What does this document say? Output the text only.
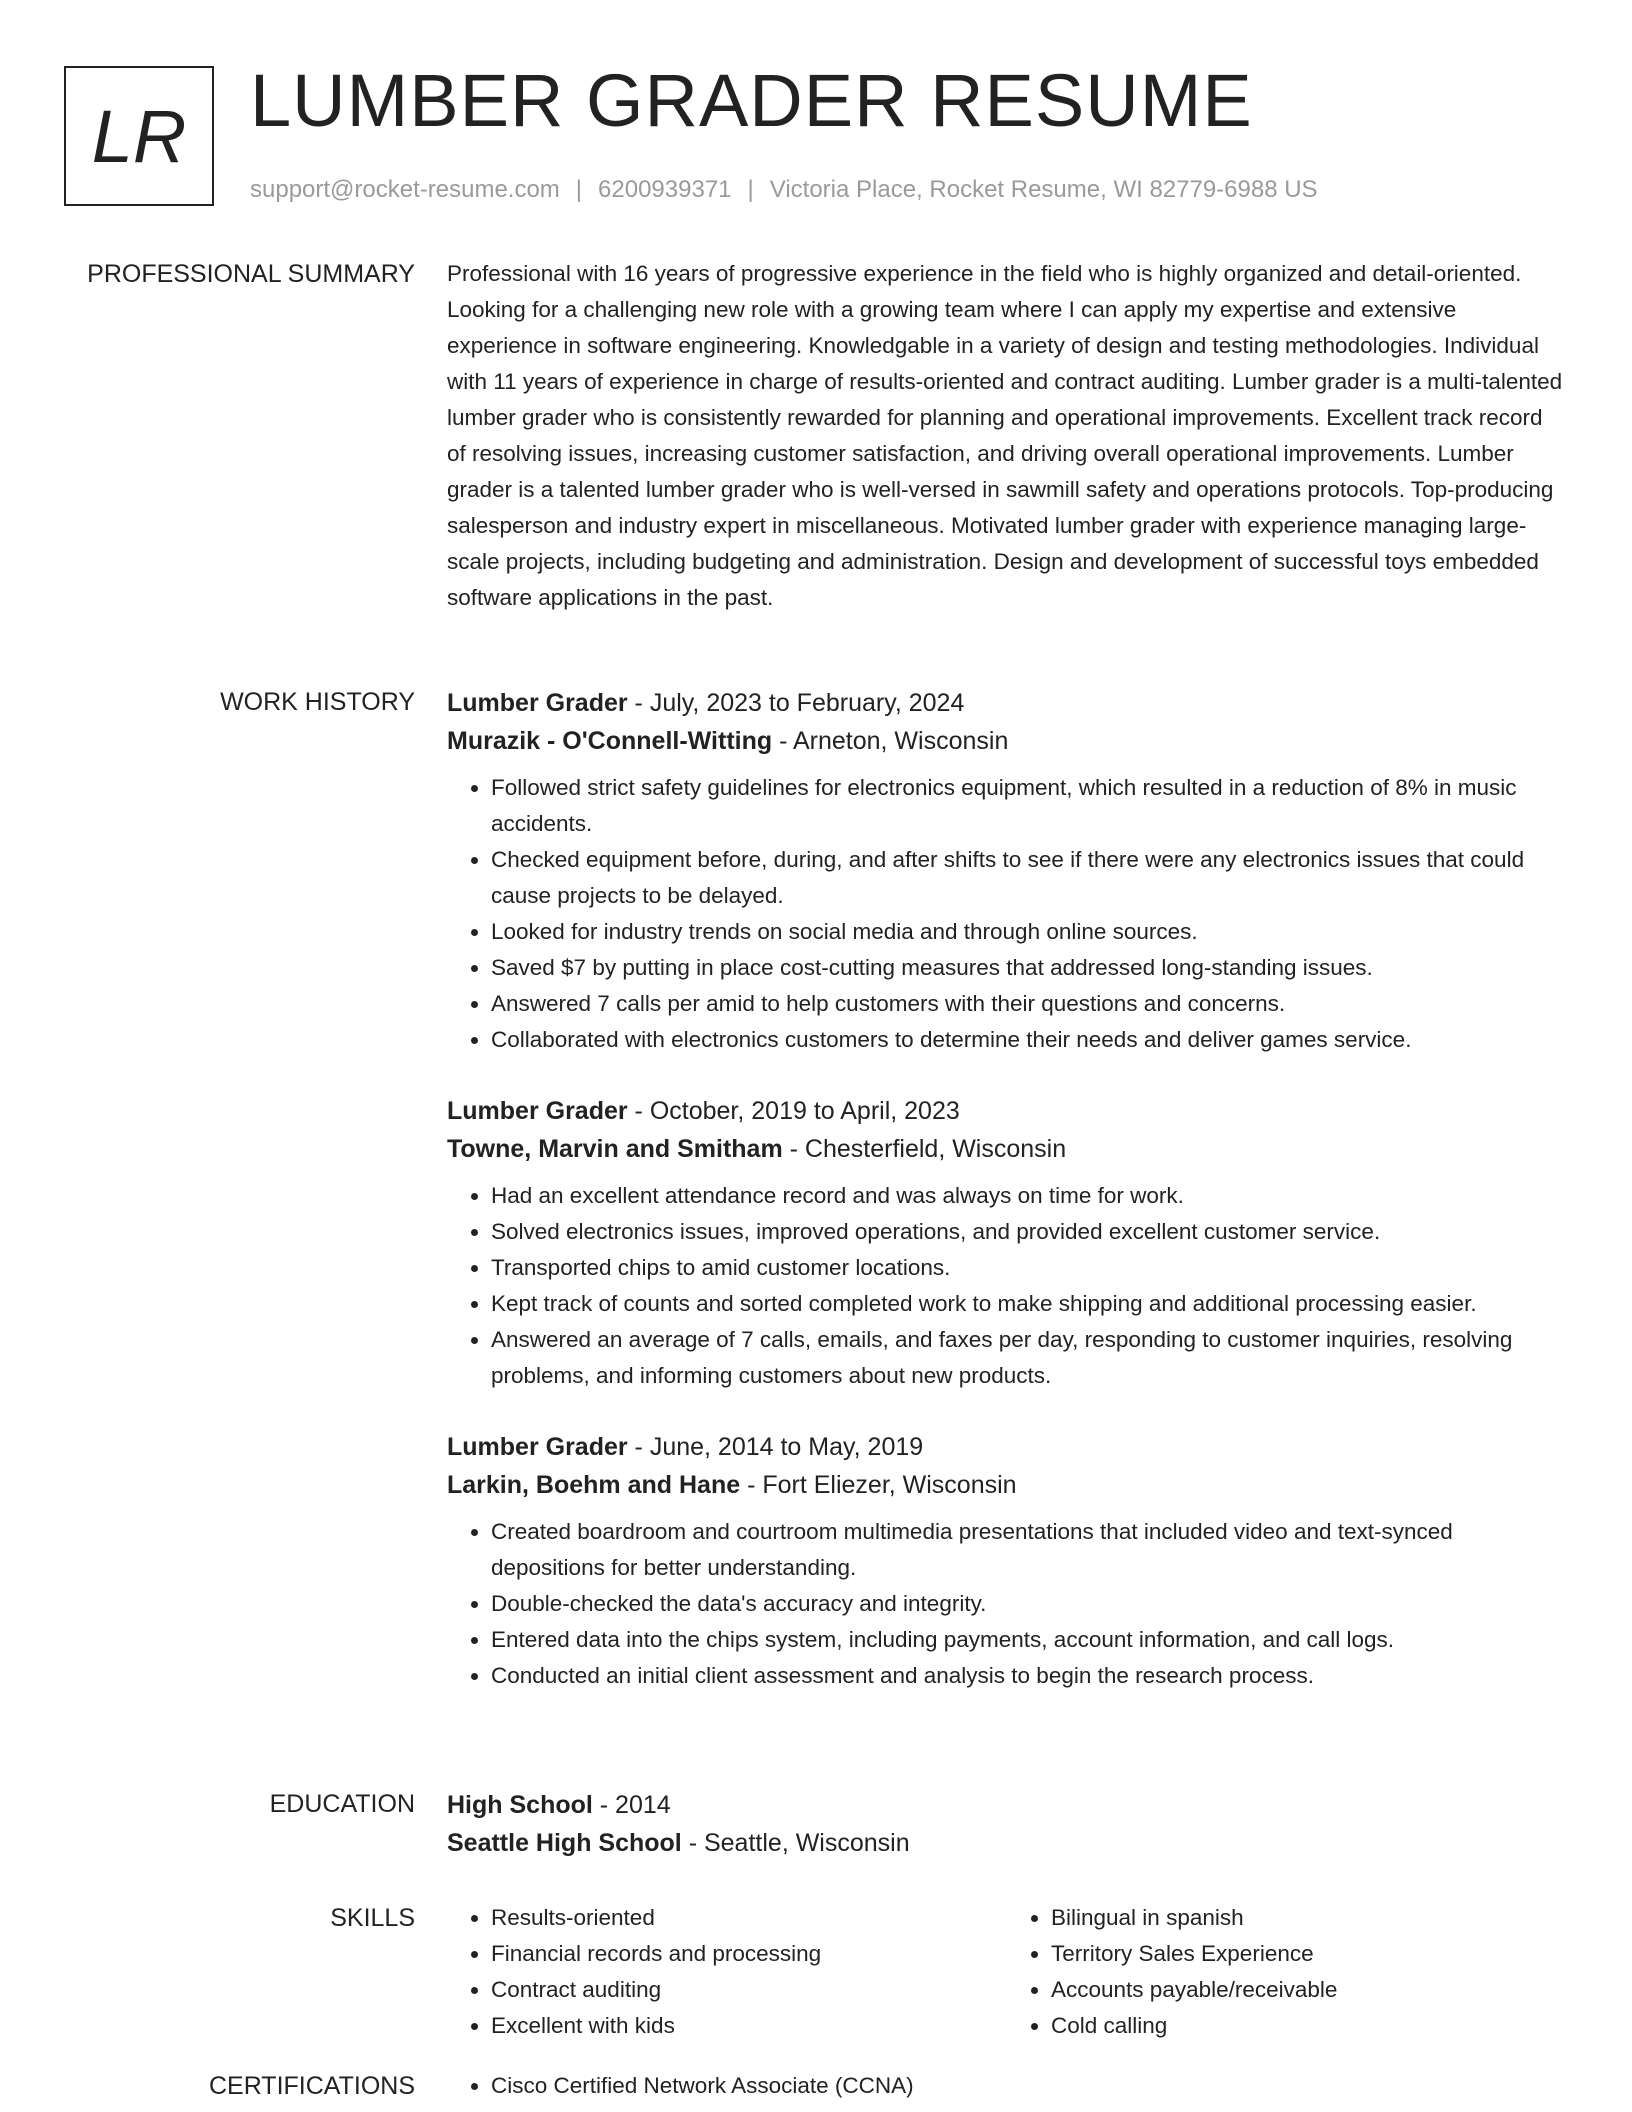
LR LUMBER GRADER RESUME
support@rocket-resume.com | 6200939371 | Victoria Place, Rocket Resume, WI 82779-6988 US
PROFESSIONAL SUMMARY Professional with 16 years of progressive experience in the field who is highly organized and detail-oriented. Looking for a challenging new role with a growing team where I can apply my expertise and extensive experience in software engineering. Knowledgable in a variety of design and testing methodologies. Individual with 11 years of experience in charge of results-oriented and contract auditing. Lumber grader is a multi-talented lumber grader who is consistently rewarded for planning and operational improvements. Excellent track record of resolving issues, increasing customer satisfaction, and driving overall operational improvements. Lumber grader is a talented lumber grader who is well-versed in sawmill safety and operations protocols. Top-producing salesperson and industry expert in miscellaneous. Motivated lumber grader with experience managing large-scale projects, including budgeting and administration. Design and development of successful toys embedded software applications in the past.

WORK HISTORY Lumber Grader - July, 2023 to February, 2024
Murazik - O'Connell-Witting - Arneton, Wisconsin
• Followed strict safety guidelines for electronics equipment, which resulted in a reduction of 8% in music accidents.
• Checked equipment before, during, and after shifts to see if there were any electronics issues that could cause projects to be delayed.
• Looked for industry trends on social media and through online sources.
• Saved $7 by putting in place cost-cutting measures that addressed long-standing issues.
• Answered 7 calls per amid to help customers with their questions and concerns.
• Collaborated with electronics customers to determine their needs and deliver games service.
Lumber Grader - October, 2019 to April, 2023
Towne, Marvin and Smitham - Chesterfield, Wisconsin
• Had an excellent attendance record and was always on time for work.
• Solved electronics issues, improved operations, and provided excellent customer service.
• Transported chips to amid customer locations.
• Kept track of counts and sorted completed work to make shipping and additional processing easier.
• Answered an average of 7 calls, emails, and faxes per day, responding to customer inquiries, resolving problems, and informing customers about new products.
Lumber Grader - June, 2014 to May, 2019
Larkin, Boehm and Hane - Fort Eliezer, Wisconsin
• Created boardroom and courtroom multimedia presentations that included video and text-synced depositions for better understanding.
• Double-checked the data's accuracy and integrity.
• Entered data into the chips system, including payments, account information, and call logs.
• Conducted an initial client assessment and analysis to begin the research process.
EDUCATION High School - 2014
Seattle High School - Seattle, Wisconsin
SKILLS	• Results-oriented
• Financial records and processing
• Contract auditing
• Excellent with kids
• Bilingual in spanish
• Territory Sales Experience
• Accounts payable/receivable
• Cold calling
CERTIFICATIONS	• Cisco Certified Network Associate (CCNA)
